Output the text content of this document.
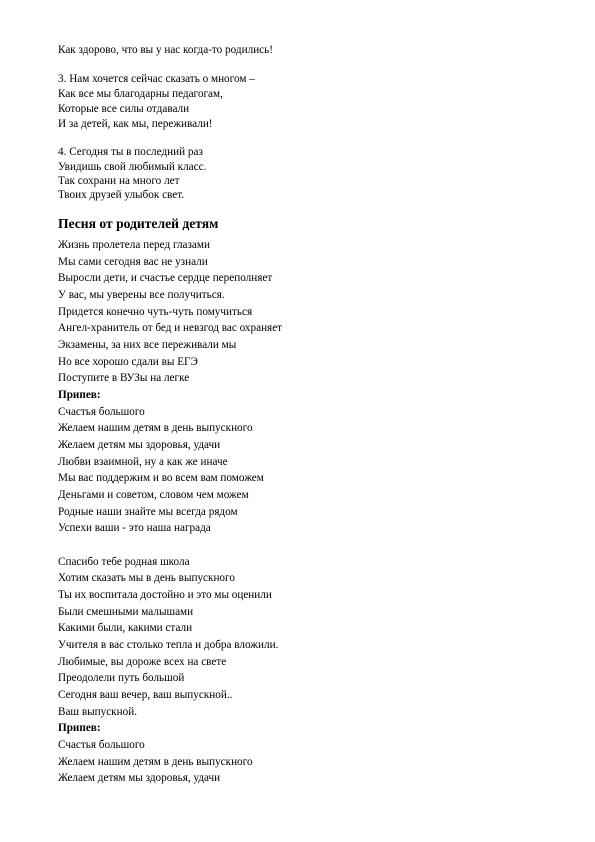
Как здорово, что вы у нас когда-то родились!
3. Нам хочется сейчас сказать о многом –
Как все мы благодарны педагогам,
Которые все силы отдавали
И за детей, как мы, переживали!
4. Сегодня ты в последний раз
Увидишь свой любимый класс.
Так сохрани на много лет
Твоих друзей улыбок свет.
Песня от родителей детям
Жизнь пролетела перед глазами
Мы сами сегодня вас не узнали
Выросли дети, и счастье сердце переполняет
У вас, мы уверены все получиться.
Придется конечно чуть-чуть помучиться
Ангел-хранитель от бед и невзгод вас охраняет
Экзамены, за них все переживали мы
Но все хорошо сдали вы ЕГЭ
Поступите в ВУЗы на легке
Припев:
Счастья большого
Желаем нашим детям в день выпускного
Желаем детям мы здоровья, удачи
Любви взаимной, ну а как же иначе
Мы вас поддержим и во всем вам поможем
Деньгами и советом, словом чем можем
Родные наши знайте мы всегда рядом
Успехи ваши - это наша награда
Спасибо тебе родная школа
Хотим сказать мы в день выпускного
Ты их воспитала достойно и это мы оценили
Были смешными малышами
Какими были, какими стали
Учителя в вас столько тепла и добра вложили.
Любимые, вы дороже всех на свете
Преодолели путь большой
Сегодня ваш вечер, ваш выпускной..
Ваш выпускной.
Припев:
Счастья большого
Желаем нашим детям в день выпускного
Желаем детям мы здоровья, удачи
